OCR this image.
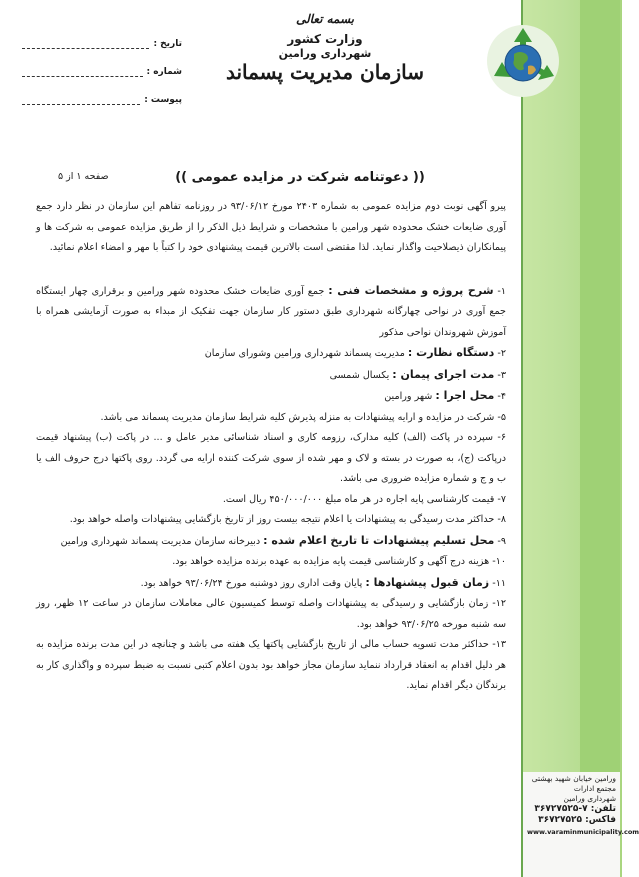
تاریخ :
شماره :
پیوست :
بسمه تعالی
وزارت کشور
شهرداری ورامین
سازمان مدیریت پسماند
(( دعوتنامه شرکت در مزایده عمومی ))
صفحه ۱ از ۵

پیرو آگهی نوبت دوم مزایده عمومی به شماره ۲۴۰۳ مورخ ۹۳/۰۶/۱۲ در روزنامه تفاهم این سازمان در نظر دارد جمع آوری ضایعات خشک محدوده شهر ورامین با مشخصات و شرایط ذیل الذکر را از طریق مزایده عمومی به شرکت ها و پیمانکاران ذیصلاحیت واگذار نماید. لذا مقتضی است بالاترین قیمت پیشنهادی خود را کتباً با مهر و امضاء اعلام نمائید.

۱- شرح پروژه و مشخصات فنی : جمع آوری ضایعات خشک محدوده شهر ورامین و برقراری چهار ایستگاه جمع آوری در نواحی چهارگانه شهرداری طبق دستور کار سازمان جهت تفکیک از مبداء به صورت آزمایشی همراه با آموزش شهروندان نواحی مذکور
۲- دستگاه نظارت : مدیریت پسماند شهرداری ورامین وشورای سازمان
۳- مدت اجرای پیمان : یکسال شمسی
۴- محل اجرا : شهر ورامین
۵- شرکت در مزایده و ارایه پیشنهادات به منزله پذیرش کلیه شرایط سازمان مدیریت پسماند می باشد.
۶- سپرده در پاکت (الف) کلیه مدارک، رزومه کاری و اسناد شناسائی مدیر عامل و ... در پاکت (ب) پیشنهاد قیمت درپاکت (ج)، به صورت در بسته و لاک و مهر شده از سوی شرکت کننده ارایه می گردد. روی پاکتها درج حروف الف یا ب و ج و شماره مزایده ضروری می باشد.
۷- قیمت کارشناسی پایه اجاره در هر ماه مبلغ ۴۵۰/۰۰۰/۰۰۰ ریال است.
۸- حداکثر مدت رسیدگی به پیشنهادات یا اعلام نتیجه بیست روز از تاریخ بازگشایی پیشنهادات واصله خواهد بود.
۹- محل تسلیم پیشنهادات تا تاریخ اعلام شده : دبیرخانه سازمان مدیریت پسماند شهرداری ورامین
۱۰- هزینه درج آگهی و کارشناسی قیمت پایه مزایده به عهده برنده مزایده خواهد بود.
۱۱- زمان قبول پیشنهادها : پایان وقت اداری روز دوشنبه مورخ ۹۳/۰۶/۲۴ خواهد بود.
۱۲- زمان بازگشایی و رسیدگی به پیشنهادات واصله توسط کمیسیون عالی معاملات سازمان در ساعت ۱۲ ظهر، روز سه شنبه مورخه ۹۳/۰۶/۲۵ خواهد بود.
۱۳- حداکثر مدت تسویه حساب مالی از تاریخ بازگشایی پاکتها یک هفته می باشد و چنانچه در این مدت برنده مزایده به هر دلیل اقدام به انعقاد قرارداد ننماید سازمان مجاز خواهد بود بدون اعلام کتبی نسبت به ضبط سپرده و واگذاری کار به برندگان دیگر اقدام نماید.
ورامین خیابان شهید بهشتی
مجتمع ادارات
شهرداری ورامین
تلفن: ۷-۳۶۷۲۷۵۲۵
فاکس: ۳۶۷۲۷۵۲۵
www.varaminmunicipality.com
